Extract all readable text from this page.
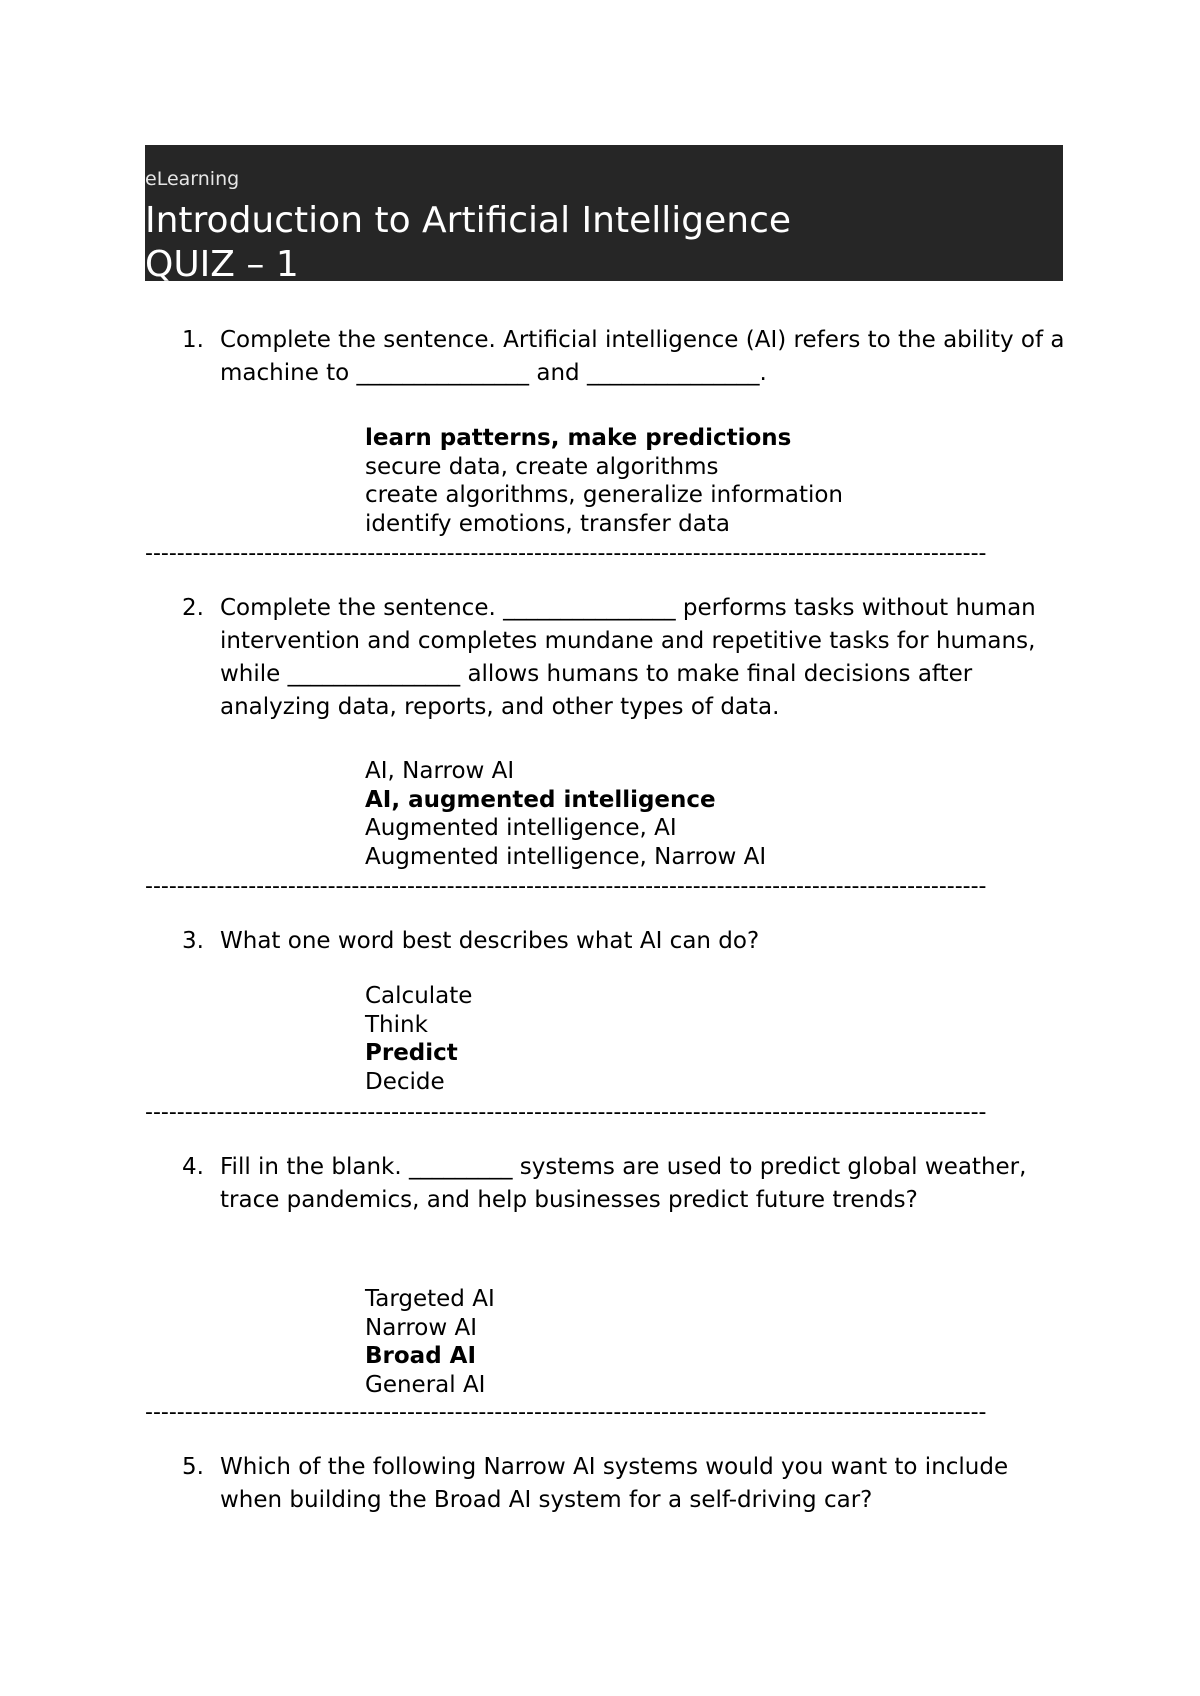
eLearning
Introduction to Artificial Intelligence
QUIZ – 1
1. Complete the sentence. Artificial intelligence (AI) refers to the ability of a machine to _______________ and _______________.
learn patterns, make predictions
secure data, create algorithms
create algorithms, generalize information
identify emotions, transfer data
----------------------------------------------------------------------------------------------------------
2. Complete the sentence. _______________ performs tasks without human intervention and completes mundane and repetitive tasks for humans, while _______________ allows humans to make final decisions after analyzing data, reports, and other types of data.
AI, Narrow AI
AI, augmented intelligence
Augmented intelligence, AI
Augmented intelligence, Narrow AI
----------------------------------------------------------------------------------------------------------
3. What one word best describes what AI can do?
Calculate
Think
Predict
Decide
----------------------------------------------------------------------------------------------------------
4. Fill in the blank. _________ systems are used to predict global weather, trace pandemics, and help businesses predict future trends?
Targeted AI
Narrow AI
Broad AI
General AI
----------------------------------------------------------------------------------------------------------
5. Which of the following Narrow AI systems would you want to include when building the Broad AI system for a self-driving car?
